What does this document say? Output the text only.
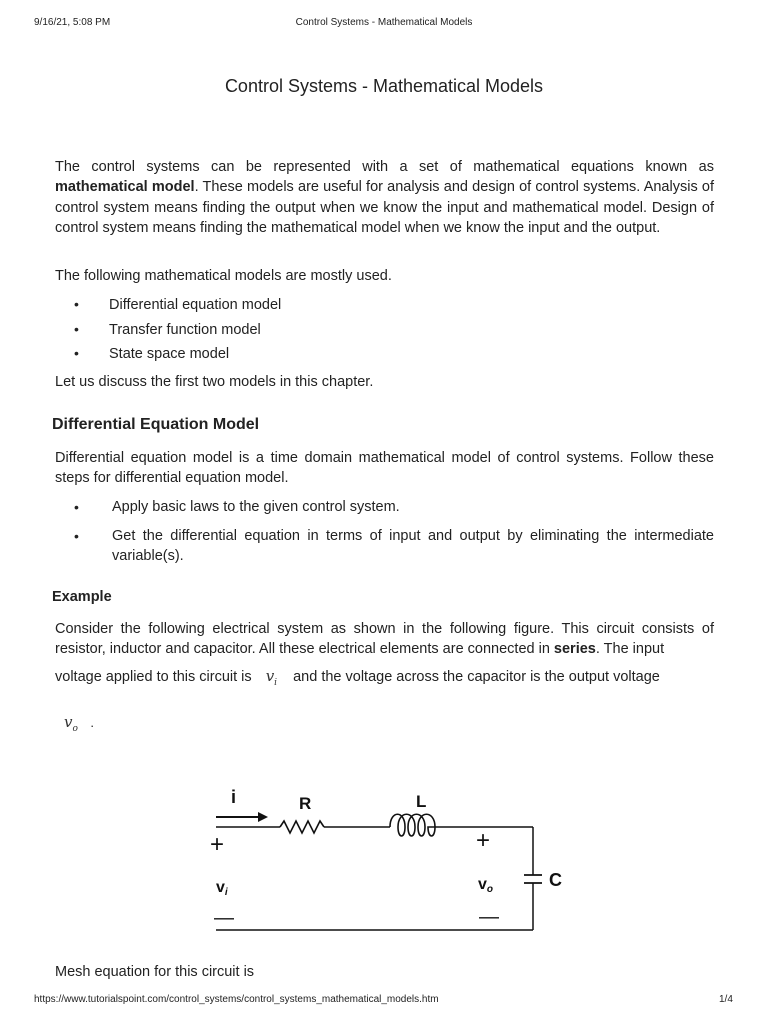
9/16/21, 5:08 PM	Control Systems - Mathematical Models
Control Systems - Mathematical Models
The control systems can be represented with a set of mathematical equations known as mathematical model. These models are useful for analysis and design of control systems. Analysis of control system means finding the output when we know the input and mathematical model. Design of control system means finding the mathematical model when we know the input and the output.
The following mathematical models are mostly used.
• Differential equation model
• Transfer function model
• State space model
Let us discuss the first two models in this chapter.
Differential Equation Model
Differential equation model is a time domain mathematical model of control systems. Follow these steps for differential equation model.
• Apply basic laws to the given control system.
• Get the differential equation in terms of input and output by eliminating the intermediate variable(s).
Example
Consider the following electrical system as shown in the following figure. This circuit consists of resistor, inductor and capacitor. All these electrical elements are connected in series. The input
voltage applied to this circuit is $v_i$ and the voltage across the capacitor is the output voltage
$v_o$ .
i	R	L
C
+
—
+
—
vi	vo
Mesh equation for this circuit is
https://www.tutorialspoint.com/control_systems/control_systems_mathematical_models.htm	1/4
